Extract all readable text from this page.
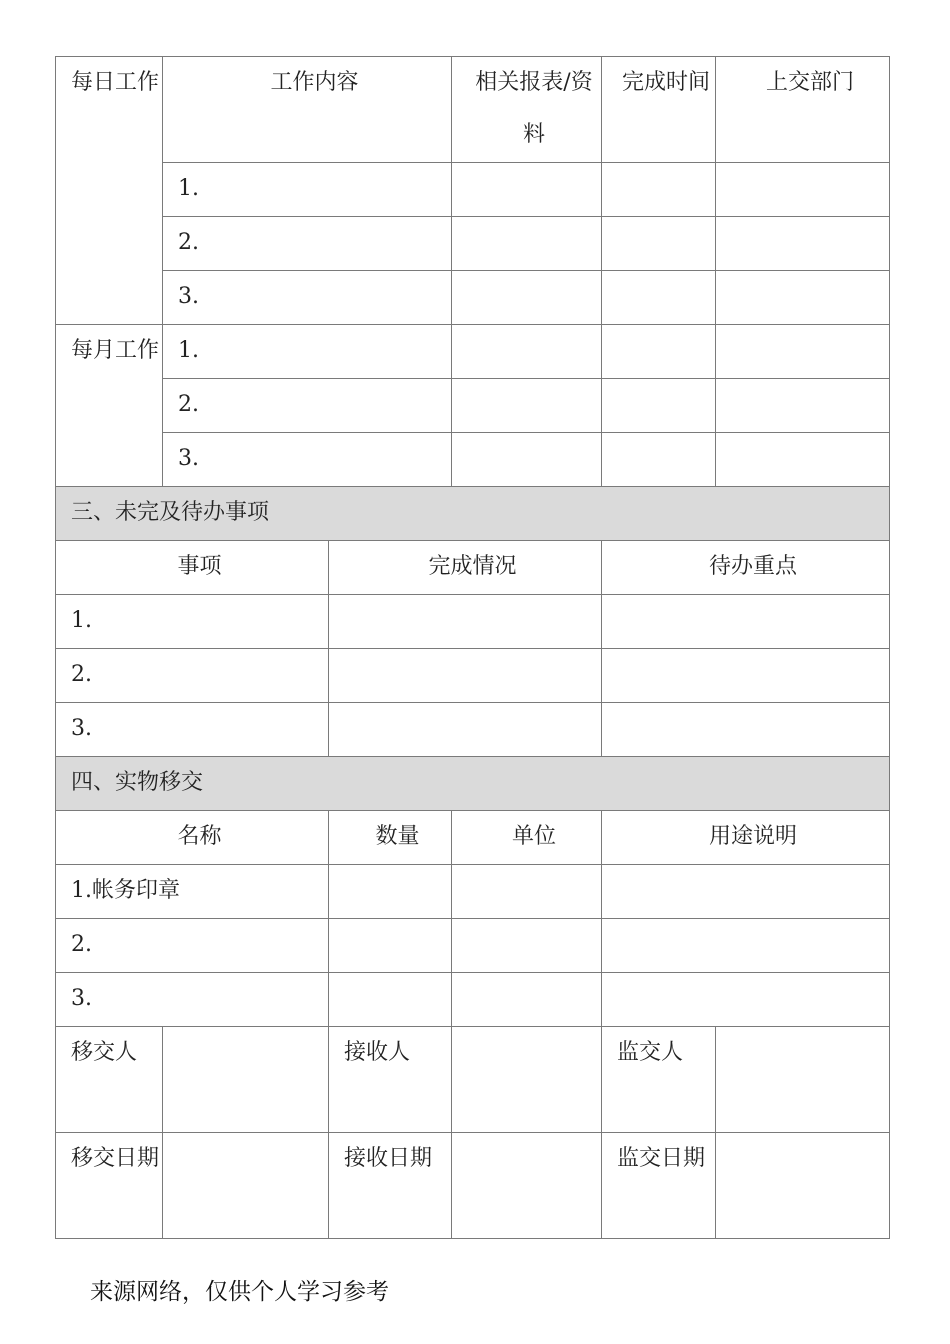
每日工作	工作内容		相关报表/资料	完成时间	上交部门
	1.				
	2.				
	3.				
每月工作	1.				
	2.				
	3.				
三、未完及待办事项					
事项		完成情况		待办重点	
1.					
2.					
3.					
四、实物移交					
名称		数量	单位	用途说明	
1.帐务印章					
2.					
3.					
移交人		接收人		监交人	
移交日期		接收日期		监交日期	
来源网络，仅供个人学习参考
